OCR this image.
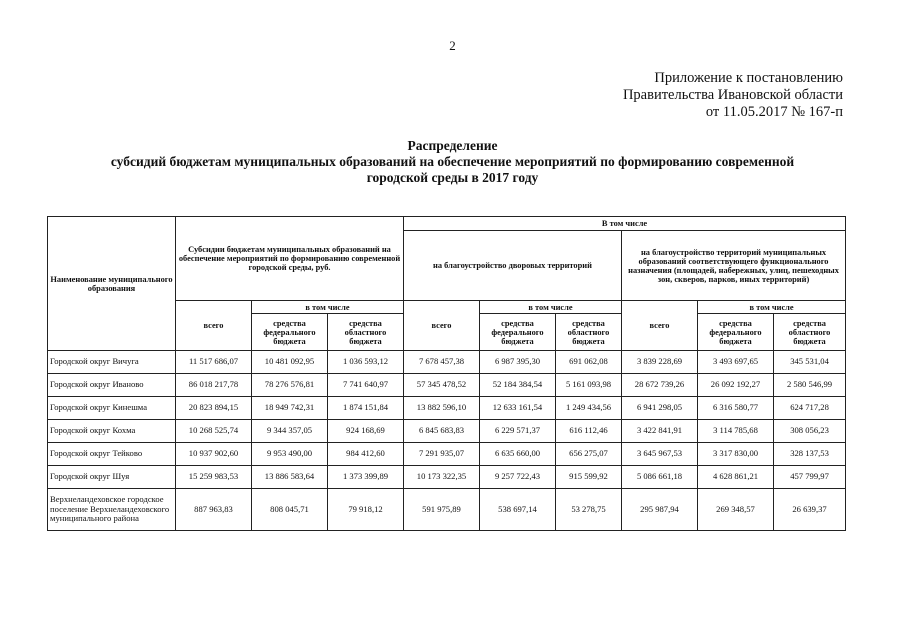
2
Приложение к постановлению
Правительства Ивановской области
от 11.05.2017 № 167-п
Распределение
субсидий бюджетам муниципальных образований на обеспечение мероприятий по формированию современной
городской среды в 2017 году
Наименование муниципального образования	Субсидии бюджетам муниципальных образований на обеспечение мероприятий по формированию современной городской среды, руб.			В том числе					
				на благоустройство дворовых территорий			на благоустройство территорий муниципальных образований соответствующего функционального назначения (площадей, набережных, улиц, пешеходных зон, скверов, парков, иных территорий)		
	всего	в том числе		всего	в том числе		всего	в том числе	
		средства федерального бюджета	средства областного бюджета		средства федерального бюджета	средства областного бюджета		средства федерального бюджета	средства областного бюджета
Городской округ Вичуга	11 517 686,07	10 481 092,95	1 036 593,12	7 678 457,38	6 987 395,30	691 062,08	3 839 228,69	3 493 697,65	345 531,04
Городской округ Иваново	86 018 217,78	78 276 576,81	7 741 640,97	57 345 478,52	52 184 384,54	5 161 093,98	28 672 739,26	26 092 192,27	2 580 546,99
Городской округ Кинешма	20 823 894,15	18 949 742,31	1 874 151,84	13 882 596,10	12 633 161,54	1 249 434,56	6 941 298,05	6 316 580,77	624 717,28
Городской округ Кохма	10 268 525,74	9 344 357,05	924 168,69	6 845 683,83	6 229 571,37	616 112,46	3 422 841,91	3 114 785,68	308 056,23
Городской округ Тейково	10 937 902,60	9 953 490,00	984 412,60	7 291 935,07	6 635 660,00	656 275,07	3 645 967,53	3 317 830,00	328 137,53
Городской округ Шуя	15 259 983,53	13 886 583,64	1 373 399,89	10 173 322,35	9 257 722,43	915 599,92	5 086 661,18	4 628 861,21	457 799,97
Верхнеландеховское городское поселение Верхнеландеховского муниципального района	887 963,83	808 045,71	79 918,12	591 975,89	538 697,14	53 278,75	295 987,94	269 348,57	26 639,37
